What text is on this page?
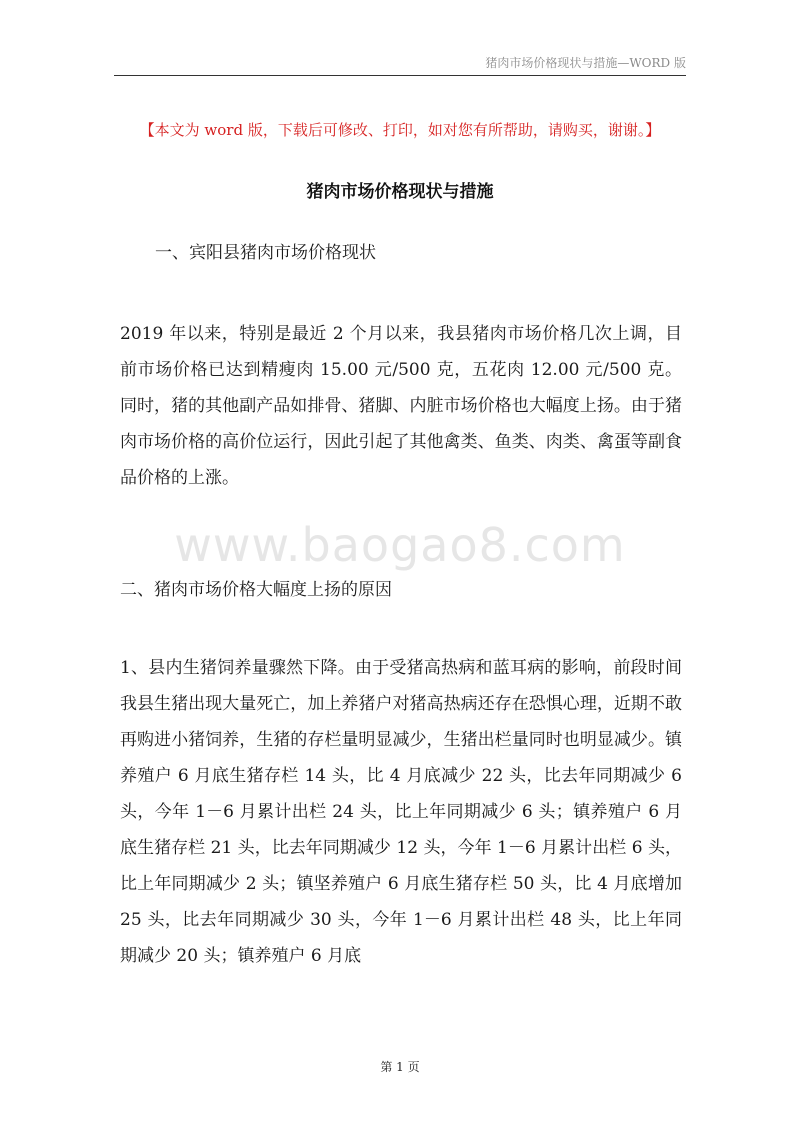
猪肉市场价格现状与措施—WORD 版
【本文为 word 版，下载后可修改、打印，如对您有所帮助，请购买，谢谢。】
猪肉市场价格现状与措施
一、宾阳县猪肉市场价格现状
2019 年以来，特别是最近 2 个月以来，我县猪肉市场价格几次上调，目前市场价格已达到精瘦肉 15.00 元/500 克，五花肉 12.00 元/500 克。同时，猪的其他副产品如排骨、猪脚、内脏市场价格也大幅度上扬。由于猪肉市场价格的高价位运行，因此引起了其他禽类、鱼类、肉类、禽蛋等副食品价格的上涨。
www.baogao8.com
二、猪肉市场价格大幅度上扬的原因
1、县内生猪饲养量骤然下降。由于受猪高热病和蓝耳病的影响，前段时间我县生猪出现大量死亡，加上养猪户对猪高热病还存在恐惧心理，近期不敢再购进小猪饲养，生猪的存栏量明显减少，生猪出栏量同时也明显减少。镇养殖户 6 月底生猪存栏 14 头，比 4 月底减少 22 头，比去年同期减少 6 头，今年 1－6 月累计出栏 24 头，比上年同期减少 6 头；镇养殖户 6 月底生猪存栏 21 头，比去年同期减少 12 头，今年 1－6 月累计出栏 6 头，比上年同期减少 2 头；镇坚养殖户 6 月底生猪存栏 50 头，比 4 月底增加 25 头，比去年同期减少 30 头，今年 1－6 月累计出栏 48 头，比上年同期减少 20 头；镇养殖户 6 月底
第 1 页
